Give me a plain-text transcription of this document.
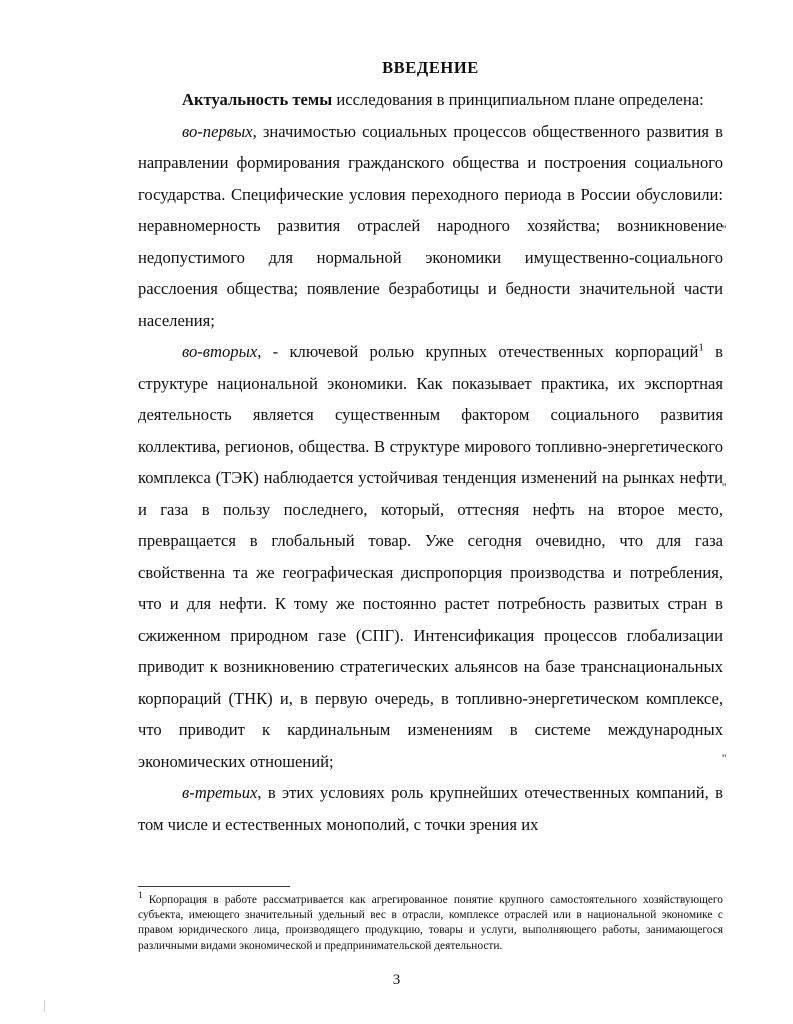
ВВЕДЕНИЕ

Актуальность темы исследования в принципиальном плане определена:

во-первых, значимостью социальных процессов общественного развития в направлении формирования гражданского общества и построения социального государства. Специфические условия переходного периода в России обусловили: неравномерность развития отраслей народного хозяйства; возникновение недопустимого для нормальной экономики имущественно-социального расслоения общества; появление безработицы и бедности значительной части населения;

во-вторых, - ключевой ролью крупных отечественных корпораций$^1$ в структуре национальной экономики. Как показывает практика, их экспортная деятельность является существенным фактором социального развития коллектива, регионов, общества. В структуре мирового топливно-энергетического комплекса (ТЭК) наблюдается устойчивая тенденция изменений на рынках нефти и газа в пользу последнего, который, оттесняя нефть на второе место, превращается в глобальный товар. Уже сегодня очевидно, что для газа свойственна та же географическая диспропорция производства и потребления, что и для нефти. К тому же постоянно растет потребность развитых стран в сжиженном природном газе (СПГ). Интенсификация процессов глобализации приводит к возникновению стратегических альянсов на базе транснациональных корпораций (ТНК) и, в первую очередь, в топливно-энергетическом комплексе, что приводит к кардинальным изменениям в системе международных экономических отношений;

в-третьих, в этих условиях роль крупнейших отечественных компаний, в том числе и естественных монополий, с точки зрения их

''
''
''
$^1$ Корпорация в работе рассматривается как агрегированное понятие крупного самостоятельного хозяйствующего субъекта, имеющего значительный удельный вес в отрасли, комплексе отраслей или в национальной экономике с правом юридического лица, производящего продукцию, товары и услуги, выполняющего работы, занимающегося различными видами экономической и предпринимательской деятельности.
3
